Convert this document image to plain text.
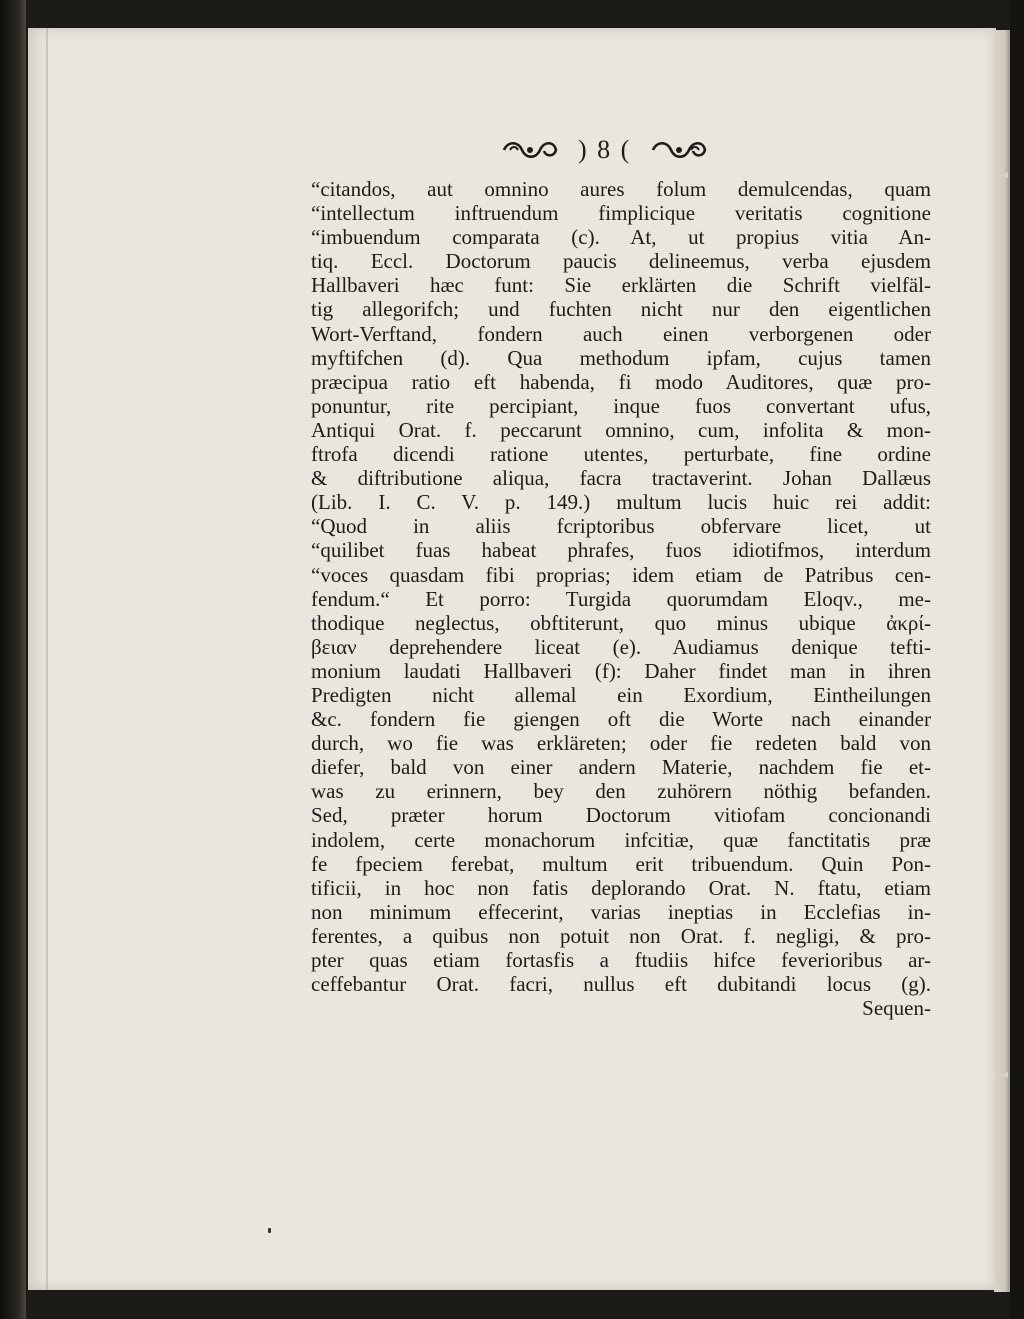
) 8 (
“citandos, aut omnino aures folum demulcendas, quam
“intellectum inftruendum fimplicique veritatis cognitione
“imbuendum comparata (c). At, ut propius vitia An-
tiq. Eccl. Doctorum paucis delineemus, verba ejusdem
Hallbaveri hæc funt: Sie erklärten die Schrift vielfäl-
tig allegorifch; und fuchten nicht nur den eigentlichen
Wort-Verftand, fondern auch einen verborgenen oder
myftifchen (d). Qua methodum ipfam, cujus tamen
præcipua ratio eft habenda, fi modo Auditores, quæ pro-
ponuntur, rite percipiant, inque fuos convertant ufus,
Antiqui Orat. f. peccarunt omnino, cum, infolita & mon-
ftrofa dicendi ratione utentes, perturbate, fine ordine
& diftributione aliqua, facra tractaverint. Johan Dallæus
(Lib. I. C. V. p. 149.) multum lucis huic rei addit:
“Quod in aliis fcriptoribus obfervare licet, ut
“quilibet fuas habeat phrafes, fuos idiotifmos, interdum
“voces quasdam fibi proprias; idem etiam de Patribus cen-
fendum.“ Et porro: Turgida quorumdam Eloqv., me-
thodique neglectus, obftiterunt, quo minus ubique ἀκρί-
βειαν deprehendere liceat (e). Audiamus denique tefti-
monium laudati Hallbaveri (f): Daher findet man in ihren
Predigten nicht allemal ein Exordium, Eintheilungen
&c. fondern fie giengen oft die Worte nach einander
durch, wo fie was erkläreten; oder fie redeten bald von
diefer, bald von einer andern Materie, nachdem fie et-
was zu erinnern, bey den zuhörern nöthig befanden.
Sed, præter horum Doctorum vitiofam concionandi
indolem, certe monachorum infcitiæ, quæ fanctitatis præ
fe fpeciem ferebat, multum erit tribuendum. Quin Pon-
tificii, in hoc non fatis deplorando Orat. N. ftatu, etiam
non minimum effecerint, varias ineptias in Ecclefias in-
ferentes, a quibus non potuit non Orat. f. negligi, & pro-
pter quas etiam fortasfis a ftudiis hifce feverioribus ar-
ceffebantur Orat. facri, nullus eft dubitandi locus (g).
Sequen-
